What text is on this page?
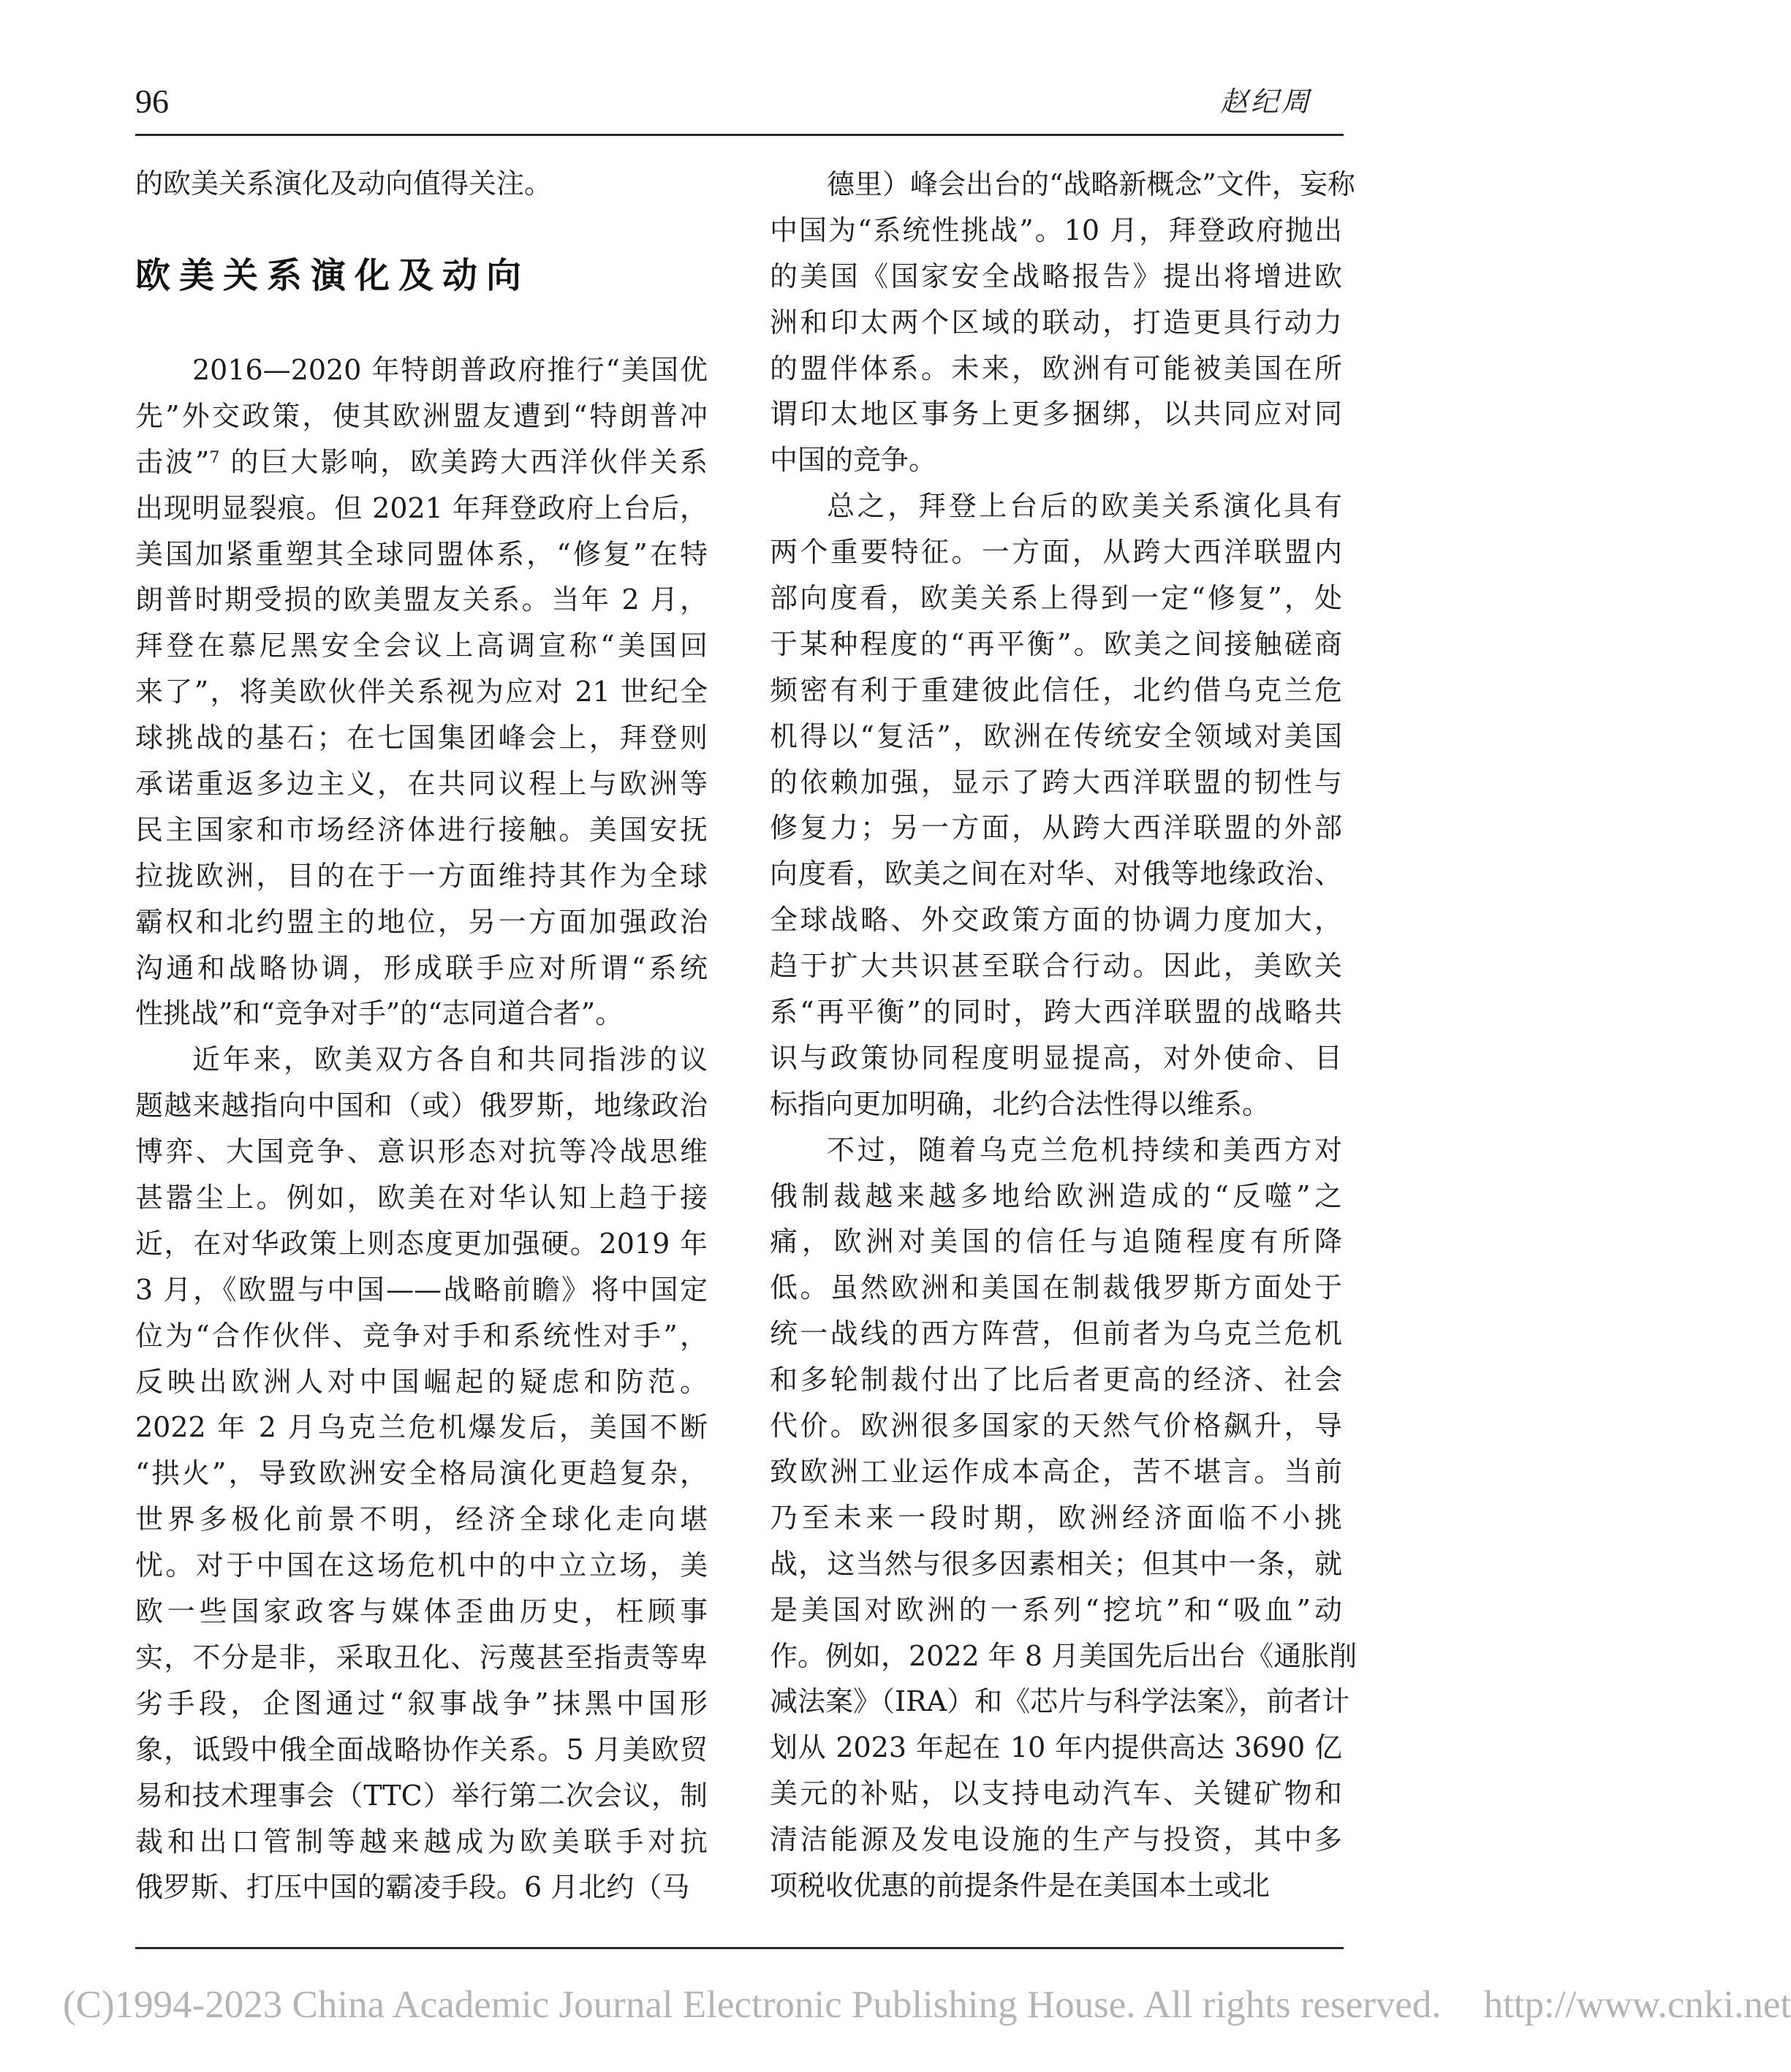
96	赵纪周
的欧美关系演化及动向值得关注。
欧美关系演化及动向
2016—2020 年特朗普政府推行“美国优
先”外交政策，使其欧洲盟友遭到“特朗普冲
击波”$^7$ 的巨大影响，欧美跨大西洋伙伴关系
出现明显裂痕。但 2021 年拜登政府上台后，
美国加紧重塑其全球同盟体系，“修复”在特
朗普时期受损的欧美盟友关系。当年 2 月，
拜登在慕尼黑安全会议上高调宣称“美国回
来了”，将美欧伙伴关系视为应对 21 世纪全
球挑战的基石；在七国集团峰会上，拜登则
承诺重返多边主义，在共同议程上与欧洲等
民主国家和市场经济体进行接触。美国安抚
拉拢欧洲，目的在于一方面维持其作为全球
霸权和北约盟主的地位，另一方面加强政治
沟通和战略协调，形成联手应对所谓“系统
性挑战”和“竞争对手”的“志同道合者”。
近年来，欧美双方各自和共同指涉的议
题越来越指向中国和（或）俄罗斯，地缘政治
博弈、大国竞争、意识形态对抗等冷战思维
甚嚣尘上。例如，欧美在对华认知上趋于接
近，在对华政策上则态度更加强硬。2019 年
3 月，《欧盟与中国——战略前瞻》将中国定
位为“合作伙伴、竞争对手和系统性对手”，
反映出欧洲人对中国崛起的疑虑和防范。
2022 年 2 月乌克兰危机爆发后，美国不断
“拱火”，导致欧洲安全格局演化更趋复杂，
世界多极化前景不明，经济全球化走向堪
忧。对于中国在这场危机中的中立立场，美
欧一些国家政客与媒体歪曲历史，枉顾事
实，不分是非，采取丑化、污蔑甚至指责等卑
劣手段，企图通过“叙事战争”抹黑中国形
象，诋毁中俄全面战略协作关系。5 月美欧贸
易和技术理事会（TTC）举行第二次会议，制
裁和出口管制等越来越成为欧美联手对抗
俄罗斯、打压中国的霸凌手段。6 月北约（马
德里）峰会出台的“战略新概念”文件，妄称
中国为“系统性挑战”。10 月，拜登政府抛出
的美国《国家安全战略报告》提出将增进欧
洲和印太两个区域的联动，打造更具行动力
的盟伴体系。未来，欧洲有可能被美国在所
谓印太地区事务上更多捆绑，以共同应对同
中国的竞争。
总之，拜登上台后的欧美关系演化具有
两个重要特征。一方面，从跨大西洋联盟内
部向度看，欧美关系上得到一定“修复”，处
于某种程度的“再平衡”。欧美之间接触磋商
频密有利于重建彼此信任，北约借乌克兰危
机得以“复活”，欧洲在传统安全领域对美国
的依赖加强，显示了跨大西洋联盟的韧性与
修复力；另一方面，从跨大西洋联盟的外部
向度看，欧美之间在对华、对俄等地缘政治、
全球战略、外交政策方面的协调力度加大，
趋于扩大共识甚至联合行动。因此，美欧关
系“再平衡”的同时，跨大西洋联盟的战略共
识与政策协同程度明显提高，对外使命、目
标指向更加明确，北约合法性得以维系。
不过，随着乌克兰危机持续和美西方对
俄制裁越来越多地给欧洲造成的“反噬”之
痛，欧洲对美国的信任与追随程度有所降
低。虽然欧洲和美国在制裁俄罗斯方面处于
统一战线的西方阵营，但前者为乌克兰危机
和多轮制裁付出了比后者更高的经济、社会
代价。欧洲很多国家的天然气价格飙升，导
致欧洲工业运作成本高企，苦不堪言。当前
乃至未来一段时期，欧洲经济面临不小挑
战，这当然与很多因素相关；但其中一条，就
是美国对欧洲的一系列“挖坑”和“吸血”动
作。例如，2022 年 8 月美国先后出台《通胀削
减法案》（IRA）和《芯片与科学法案》，前者计
划从 2023 年起在 10 年内提供高达 3690 亿
美元的补贴，以支持电动汽车、关键矿物和
清洁能源及发电设施的生产与投资，其中多
项税收优惠的前提条件是在美国本土或北
(C)1994-2023 China Academic Journal Electronic Publishing House. All rights reserved. http://www.cnki.net
